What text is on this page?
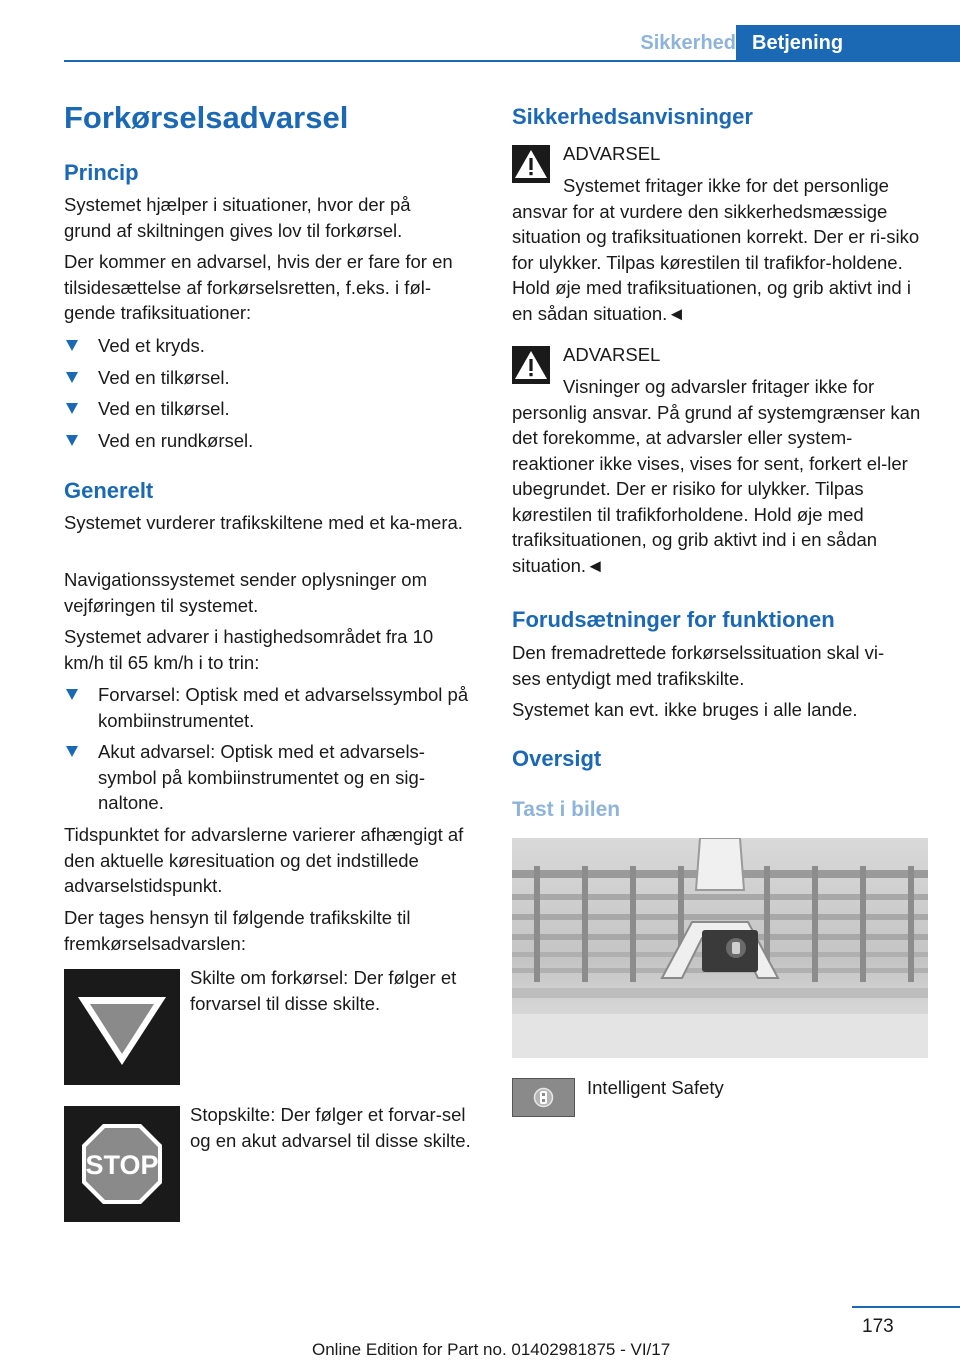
Sikkerhed Betjening
Forkørselsadvarsel
Princip

Systemet hjælper i situationer, hvor der på grund af skiltningen gives lov til forkørsel.

Der kommer en advarsel, hvis der er fare for en tilsidesættelse af forkørselsretten, f.eks. i føl-gende trafiksituationer:

Ved et kryds.
Ved en tilkørsel.
Ved en tilkørsel.
Ved en rundkørsel.
Generelt

Systemet vurderer trafikskiltene med et ka-mera.

Navigationssystemet sender oplysninger om vejføringen til systemet.

Systemet advarer i hastighedsområdet fra 10 km/h til 65 km/h i to trin:

Forvarsel: Optisk med et advarselssymbol på kombiinstrumentet.
Akut advarsel: Optisk med et advarsels-symbol på kombiinstrumentet og en sig-naltone.

Tidspunktet for advarslerne varierer afhængigt af den aktuelle køresituation og det indstillede advarselstidspunkt.

Der tages hensyn til følgende trafikskilte til fremkørselsadvarslen:

Skilte om forkørsel: Der følger et forvarsel til disse skilte.

STOP

Stopskilte: Der følger et forvar-sel og en akut advarsel til disse skilte.

Sikkerhedsanvisninger
ADVARSEL

Systemet fritager ikke for det personlige ansvar for at vurdere den sikkerhedsmæssige situation og trafiksituationen korrekt. Der er ri-siko for ulykker. Tilpas kørestilen til trafikfor-holdene. Hold øje med trafiksituationen, og grib aktivt ind i en sådan situation.◄

ADVARSEL

Visninger og advarsler fritager ikke for personlig ansvar. På grund af systemgrænser kan det forekomme, at advarsler eller system-reaktioner ikke vises, vises for sent, forkert el-ler ubegrundet. Der er risiko for ulykker. Tilpas kørestilen til trafikforholdene. Hold øje med trafiksituationen, og grib aktivt ind i en sådan situation.◄

Forudsætninger for funktionen

Den fremadrettede forkørselssituation skal vi-ses entydigt med trafikskilte.

Systemet kan evt. ikke bruges i alle lande.

Oversigt
Tast i bilen

Intelligent Safety

173
Online Edition for Part no. 01402981875 - VI/17
